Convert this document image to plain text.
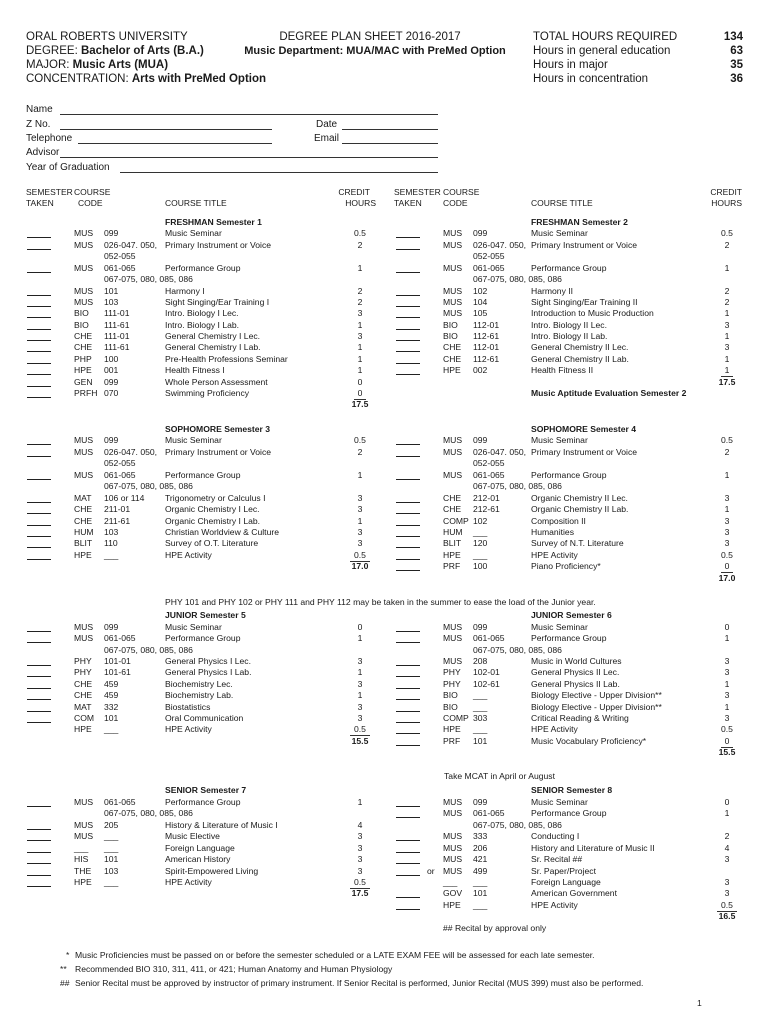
ORAL ROBERTS UNIVERSITY
DEGREE: Bachelor of Arts (B.A.)
MAJOR: Music Arts (MUA)
CONCENTRATION: Arts with PreMed Option
DEGREE PLAN SHEET 2016-2017
Music Department: MUA/MAC with PreMed Option
TOTAL HOURS REQUIRED	134
Hours in general education	63
Hours in major	35
Hours in concentration	36
Name
Z No.	Date
Telephone	Email
Advisor
Year of Graduation
SEMESTER
TAKEN
COURSE
CODE	COURSE TITLE
CREDIT
HOURS
SEMESTER
TAKEN
COURSE
CODE	COURSE TITLE
CREDIT
HOURS
FRESHMAN Semester 1
MUS 099	Music Seminar	0.5
MUS 026-047. 050, Primary Instrument or Voice	2
052-055
MUS 061-065	Performance Group	1
067-075, 080, 085, 086
MUS 101	Harmony I	2
MUS 103	Sight Singing/Ear Training I	2
BIO 111-01	Intro. Biology I Lec.	3
BIO 111-61	Intro. Biology I Lab.	1
CHE 111-01	General Chemistry I Lec.	3
CHE 111-61	General Chemistry I Lab.	1
PHP 100	Pre-Health Professions Seminar	1
HPE 001	Health Fitness I	1
GEN 099	Whole Person Assessment	0
PRFH 070	Swimming Proficiency	0
17.5
SOPHOMORE Semester 3
MUS 099	Music Seminar	0.5
MUS 026-047. 050, Primary Instrument or Voice	2
052-055
MUS 061-065	Performance Group	1
067-075, 080, 085, 086
MAT 106 or 114 Trigonometry or Calculus I	3
CHE 211-01	Organic Chemistry I Lec.	3
CHE 211-61	Organic Chemistry I Lab.	1
HUM 103	Christian Worldview & Culture	3
BLIT 110	Survey of O.T. Literature	3
HPE ___	HPE Activity	0.5
17.0
JUNIOR Semester 5
MUS 099	Music Seminar	0
MUS 061-065	Performance Group	1
067-075, 080, 085, 086
PHY 101-01	General Physics I Lec.	3
PHY 101-61	General Physics I Lab.	1
CHE 459	Biochemistry Lec.	3
CHE 459	Biochemistry Lab.	1
MAT 332	Biostatistics	3
COM 101	Oral Communication	3
HPE ___	HPE Activity	0.5
15.5
SENIOR Semester 7
MUS 061-065	Performance Group	1
067-075, 080, 085, 086
MUS 205	History & Literature of Music I	4
MUS ___	Music Elective	3
___ ___	Foreign Language	3
HIS 101	American History	3
THE 103	Spirit-Empowered Living	3
HPE ___	HPE Activity	0.5
17.5
FRESHMAN Semester 2
MUS 099	Music Seminar	0.5
MUS 026-047. 050, Primary Instrument or Voice	2
052-055
MUS 061-065	Performance Group	1
067-075, 080, 085, 086
MUS 102	Harmony II	2
MUS 104	Sight Singing/Ear Training II	2
MUS 105	Introduction to Music Production	1
BIO 112-01	Intro. Biology II Lec.	3
BIO 112-61	Intro. Biology II Lab.	1
CHE 112-01	General Chemistry II Lec.	3
CHE 112-61	General Chemistry II Lab.	1
HPE 002	Health Fitness II	1
17.5
Music Aptitude Evaluation Semester 2
SOPHOMORE Semester 4
MUS 099	Music Seminar	0.5
MUS 026-047. 050, Primary Instrument or Voice	2
052-055
MUS 061-065	Performance Group	1
067-075, 080, 085, 086
CHE 212-01	Organic Chemistry II Lec.	3
CHE 212-61	Organic Chemistry II Lab.	1
COMP 102	Composition II	3
HUM ___	Humanities	3
BLIT 120	Survey of N.T. Literature	3
HPE ___	HPE Activity	0.5
PRF 100	Piano Proficiency*	0
17.0
JUNIOR Semester 6
MUS 099	Music Seminar	0
MUS 061-065	Performance Group	1
067-075, 080, 085, 086
MUS 208	Music in World Cultures	3
PHY 102-01	General Physics II Lec.	3
PHY 102-61	General Physics II Lab.	1
BIO ___	Biology Elective - Upper Division**	3
BIO ___	Biology Elective - Upper Division**	1
COMP 303	Critical Reading & Writing	3
HPE ___	HPE Activity	0.5
PRF 101	Music Vocabulary Proficiency*	0
15.5
SENIOR Semester 8
MUS 099	Music Seminar	0
MUS 061-065	Performance Group	1
067-075, 080, 085, 086
MUS 333	Conducting I	2
MUS 206	History and Literature of Music II	4
MUS 421	Sr. Recital ##	3
or MUS 499	Sr. Paper/Project
___ ___	Foreign Language	3
GOV 101	American Government	3
HPE ___	HPE Activity	0.5
16.5
## Recital by approval only
PHY 101 and PHY 102 or PHY 111 and PHY 112 may be taken in the summer to ease the load of the Junior year.
Take MCAT in April or August
* Music Proficiencies must be passed on or before the semester scheduled or a LATE EXAM FEE will be assessed for each late semester.
** Recommended BIO 310, 311, 411, or 421; Human Anatomy and Human Physiology
## Senior Recital must be approved by instructor of primary instrument. If Senior Recital is performed, Junior Recital (MUS 399) must also be performed.
1
